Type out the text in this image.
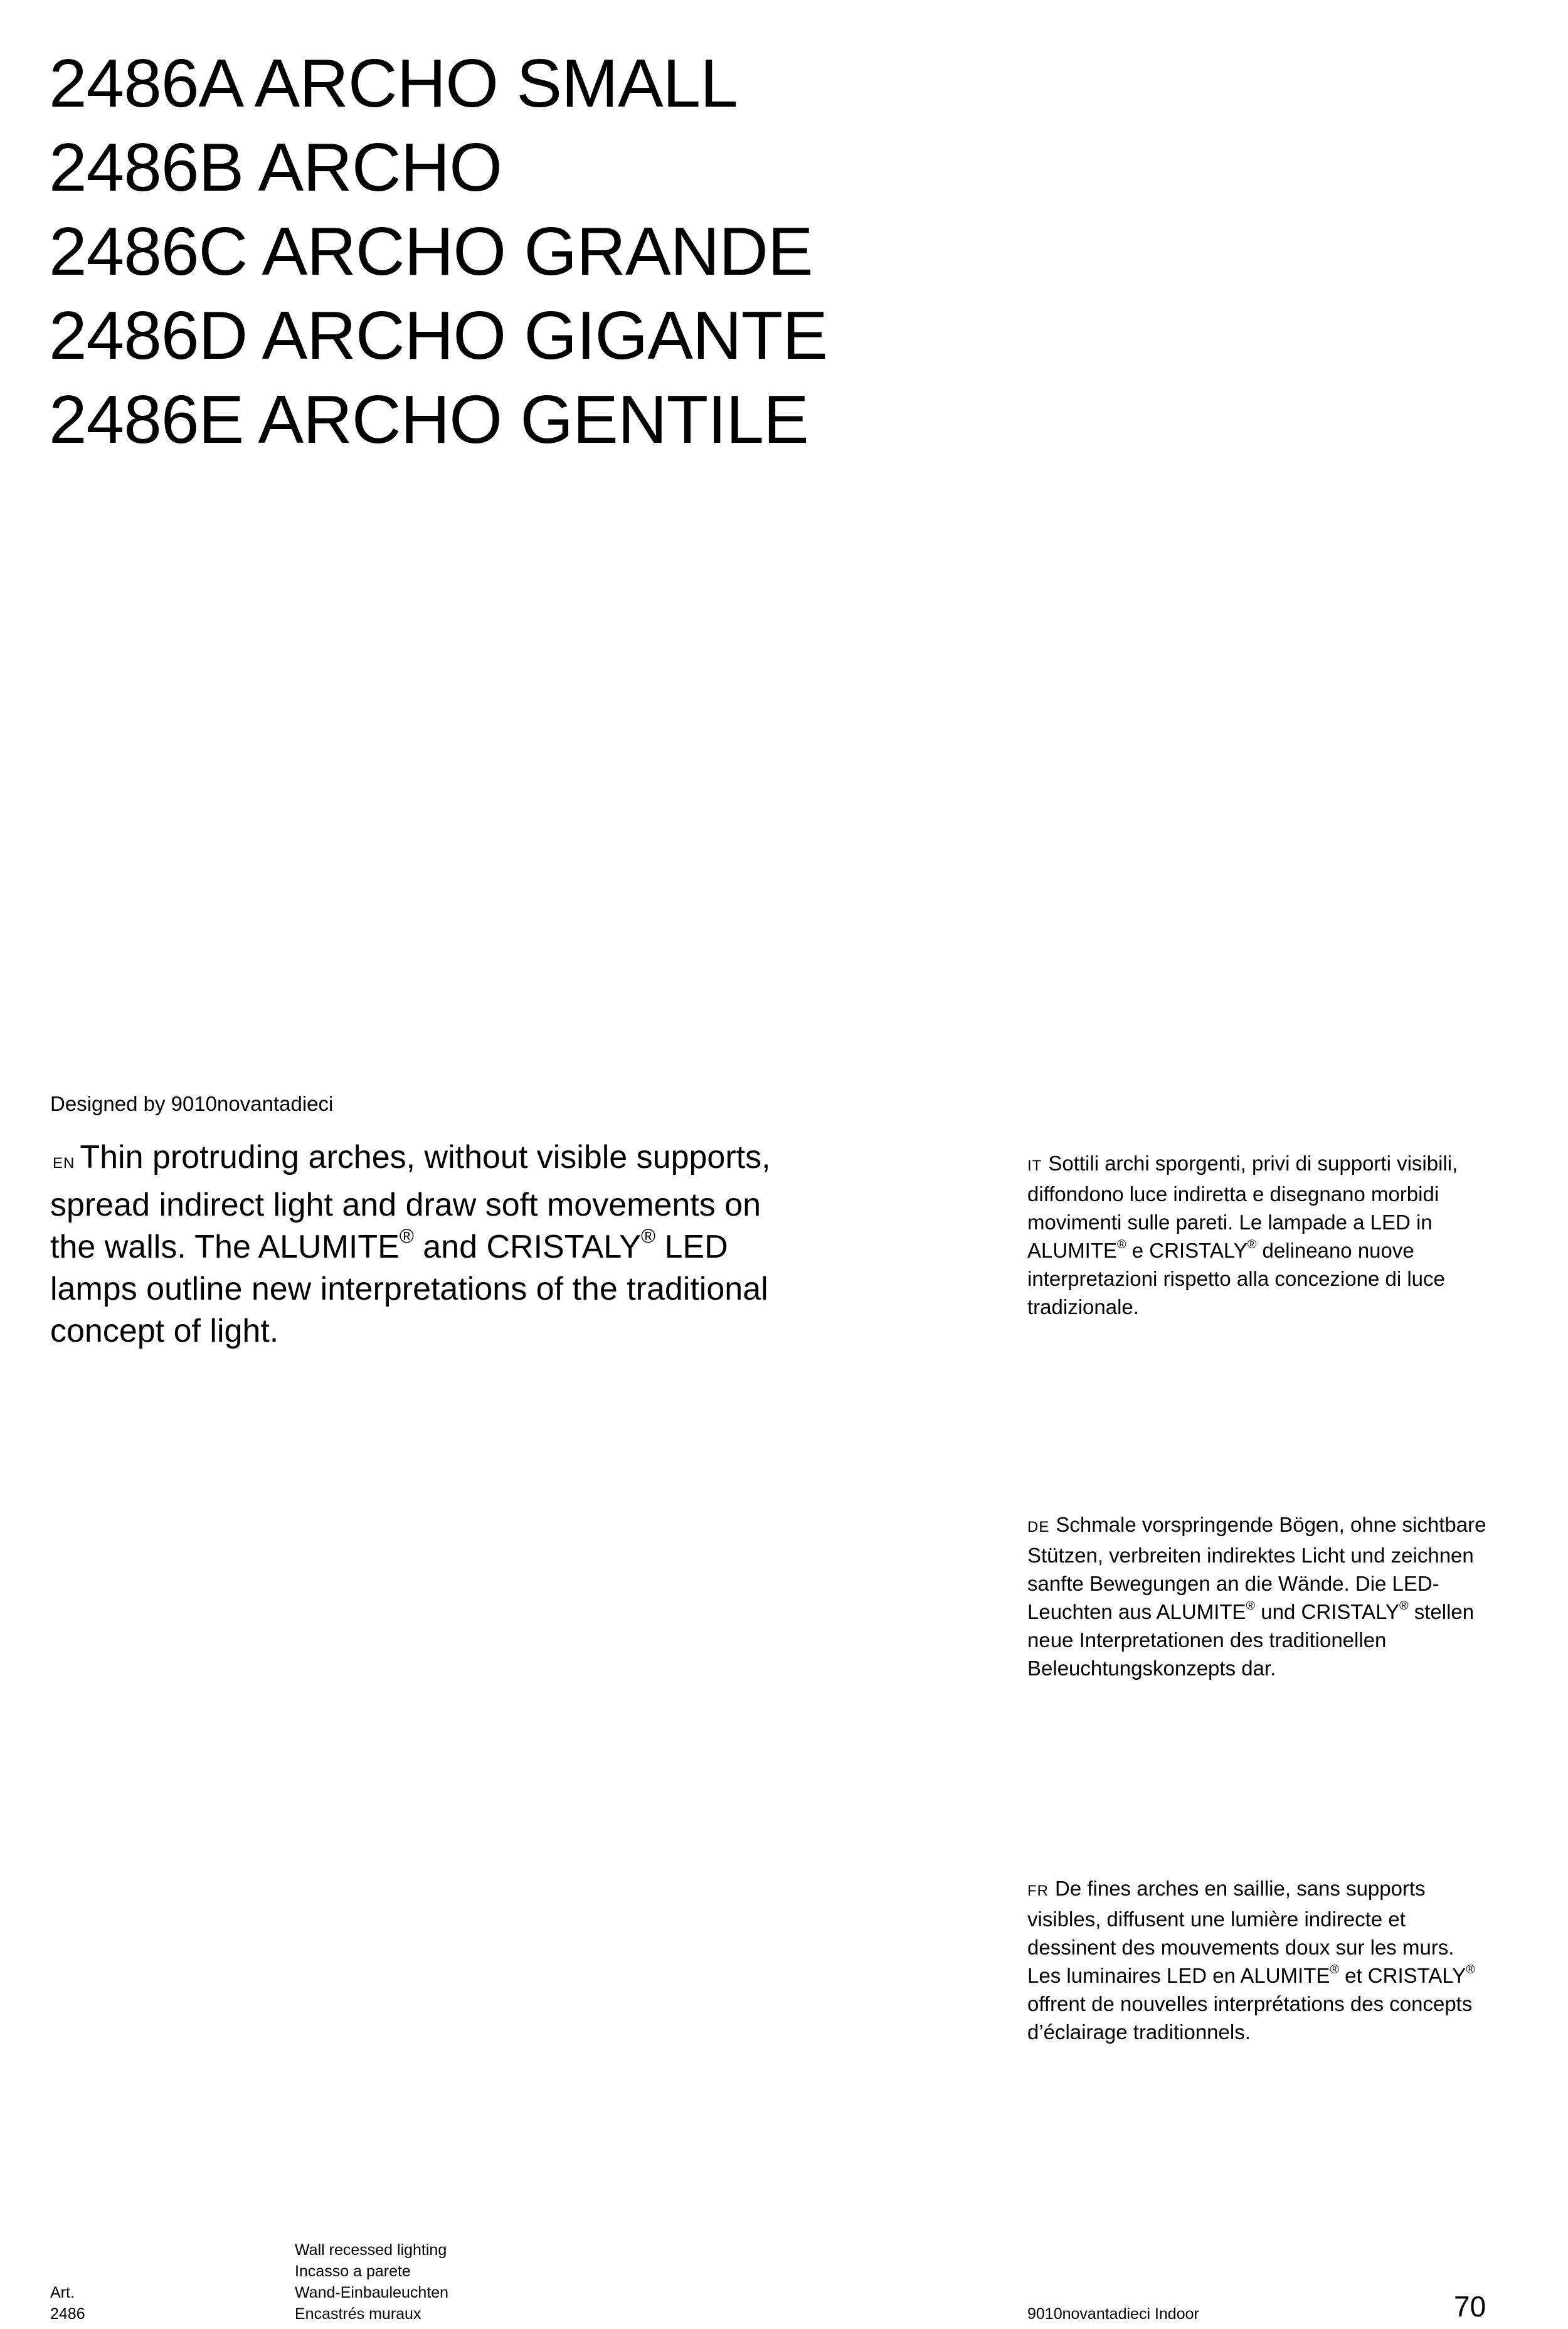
2486A ARCHO SMALL
2486B ARCHO
2486C ARCHO GRANDE
2486D ARCHO GIGANTE
2486E ARCHO GENTILE
Designed by 9010novantadieci
EN Thin protruding arches, without visible supports, spread indirect light and draw soft movements on the walls. The ALUMITE® and CRISTALY® LED lamps outline new interpretations of the traditional concept of light.
IT Sottili archi sporgenti, privi di supporti visibili, diffondono luce indiretta e disegnano morbidi movimenti sulle pareti. Le lampade a LED in ALUMITE® e CRISTALY® delineano nuove interpretazioni rispetto alla concezione di luce tradizionale.
DE Schmale vorspringende Bögen, ohne sichtbare Stützen, verbreiten indirektes Licht und zeichnen sanfte Bewegungen an die Wände. Die LED-Leuchten aus ALUMITE® und CRISTALY® stellen neue Interpretationen des traditionellen Beleuchtungskonzepts dar.
FR De fines arches en saillie, sans supports visibles, diffusent une lumière indirecte et dessinent des mouvements doux sur les murs. Les luminaires LED en ALUMITE® et CRISTALY® offrent de nouvelles interprétations des concepts d’éclairage traditionnels.
Art.
2486
Wall recessed lighting
Incasso a parete
Wand-Einbauleuchten
Encastrés muraux	9010novantadieci Indoor	70
